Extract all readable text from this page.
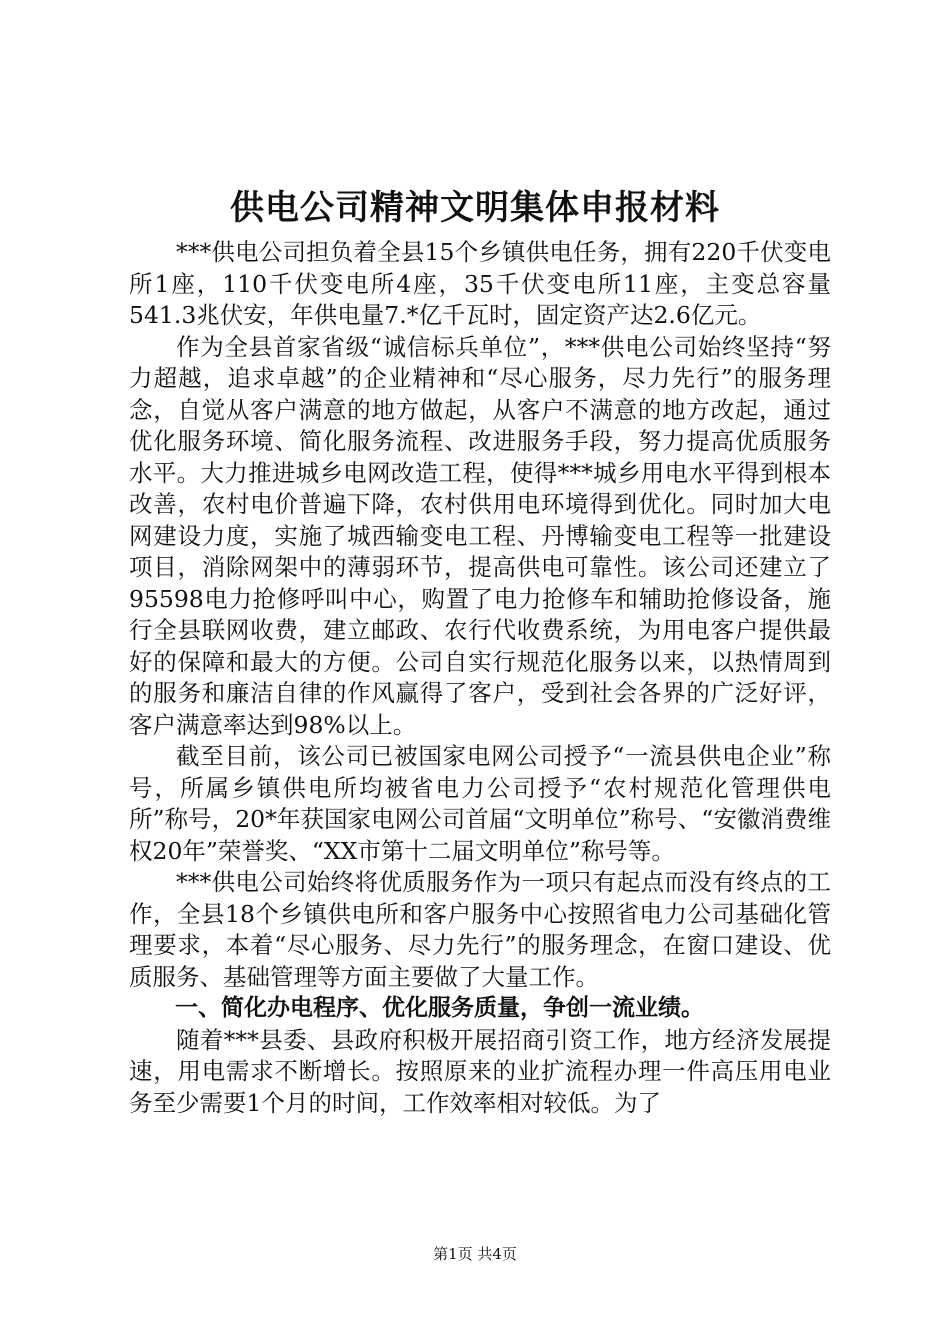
供电公司精神文明集体申报材料

***供电公司担负着全县15个乡镇供电任务，拥有220千伏变电所1座，110千伏变电所4座，35千伏变电所11座，主变总容量541.3兆伏安，年供电量7.*亿千瓦时，固定资产达2.6亿元。

作为全县首家省级“诚信标兵单位”，***供电公司始终坚持“努力超越，追求卓越”的企业精神和“尽心服务，尽力先行”的服务理念，自觉从客户满意的地方做起，从客户不满意的地方改起，通过优化服务环境、简化服务流程、改进服务手段，努力提高优质服务水平。大力推进城乡电网改造工程，使得***城乡用电水平得到根本改善，农村电价普遍下降，农村供用电环境得到优化。同时加大电网建设力度，实施了城西输变电工程、丹博输变电工程等一批建设项目，消除网架中的薄弱环节，提高供电可靠性。该公司还建立了95598电力抢修呼叫中心，购置了电力抢修车和辅助抢修设备，施行全县联网收费，建立邮政、农行代收费系统，为用电客户提供最好的保障和最大的方便。公司自实行规范化服务以来，以热情周到的服务和廉洁自律的作风赢得了客户，受到社会各界的广泛好评，客户满意率达到98%以上。

截至目前，该公司已被国家电网公司授予“一流县供电企业”称号，所属乡镇供电所均被省电力公司授予“农村规范化管理供电所”称号，20*年获国家电网公司首届“文明单位”称号、“安徽消费维权20年”荣誉奖、“XX市第十二届文明单位”称号等。

***供电公司始终将优质服务作为一项只有起点而没有终点的工作，全县18个乡镇供电所和客户服务中心按照省电力公司基础化管理要求，本着“尽心服务、尽力先行”的服务理念，在窗口建设、优质服务、基础管理等方面主要做了大量工作。

一、简化办电程序、优化服务质量，争创一流业绩。

随着***县委、县政府积极开展招商引资工作，地方经济发展提速，用电需求不断增长。按照原来的业扩流程办理一件高压用电业务至少需要1个月的时间，工作效率相对较低。为了

第1页 共4页
